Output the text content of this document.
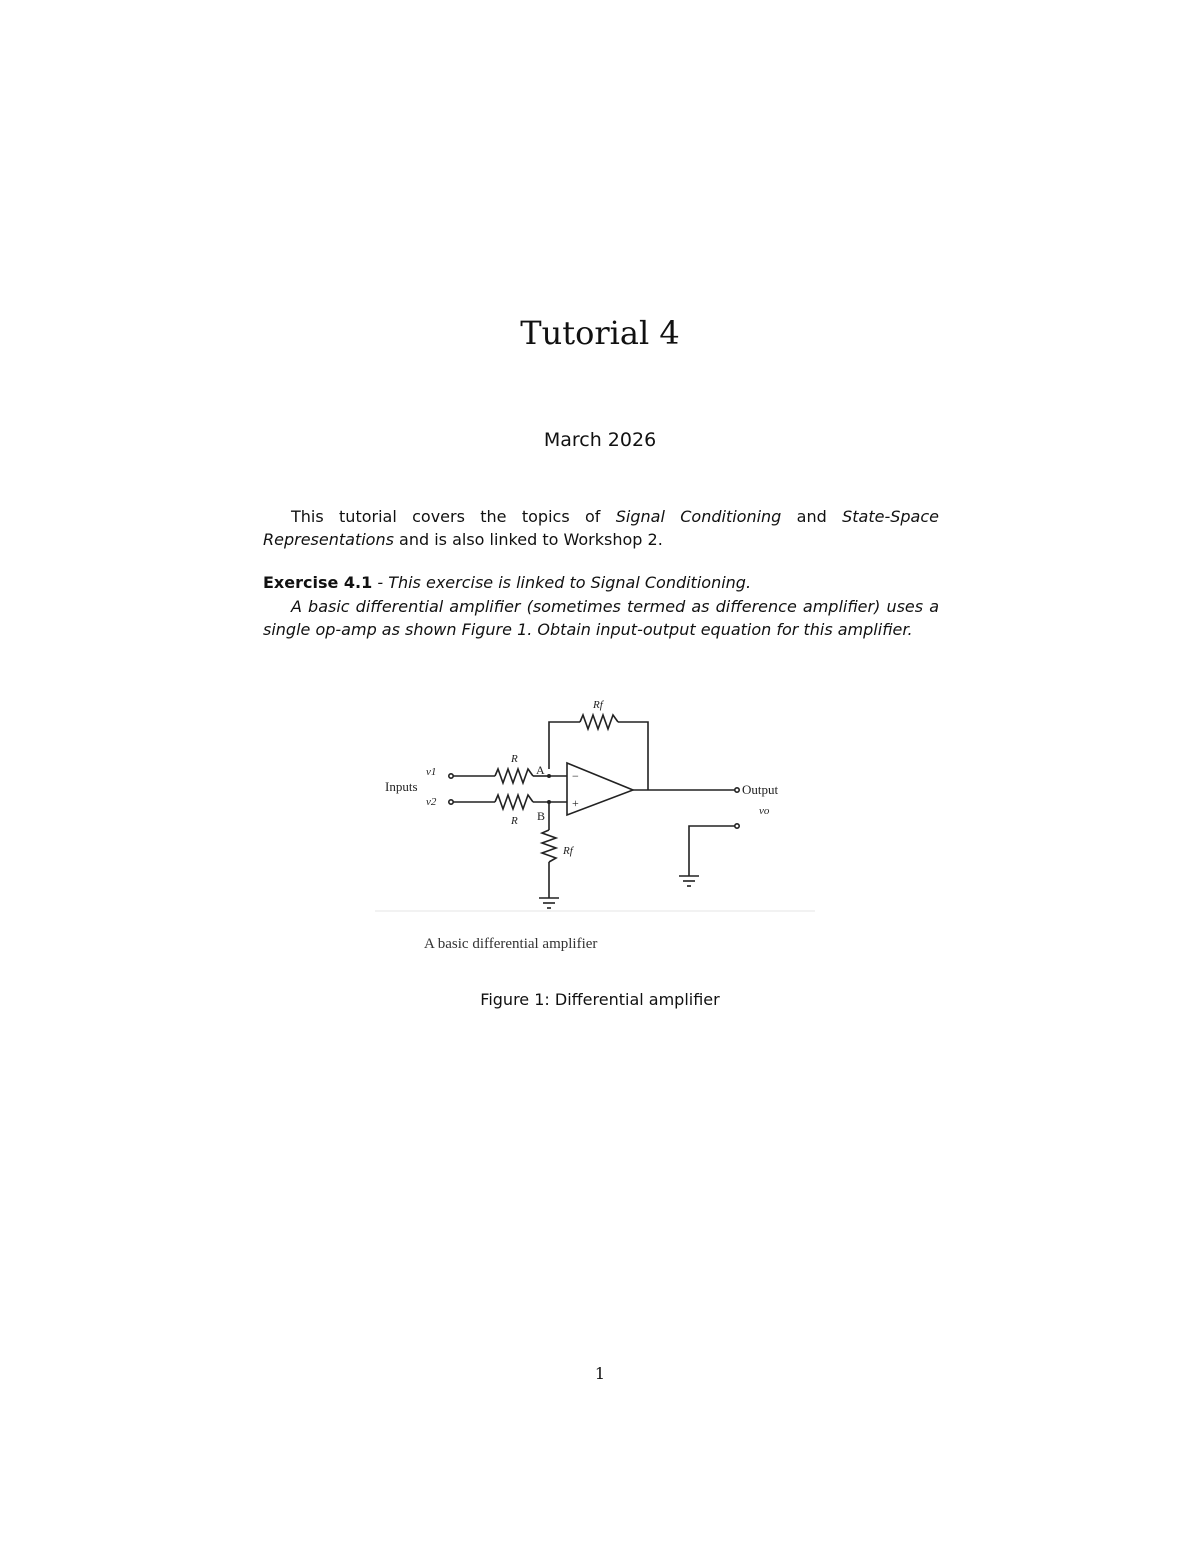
Tutorial 4
March 2026
This tutorial covers the topics of Signal Conditioning and State-Space Representations and is also linked to Workshop 2.
Exercise 4.1 - This exercise is linked to Signal Conditioning.
A basic differential amplifier (sometimes termed as difference amplifier) uses a single op-amp as shown Figure 1. Obtain input-output equation for this amplifier.
Rf
R
R
Rf
A
B
v1
v2
Inputs	Output
vo
−
+
A basic differential amplifier
Figure 1: Differential amplifier
1
